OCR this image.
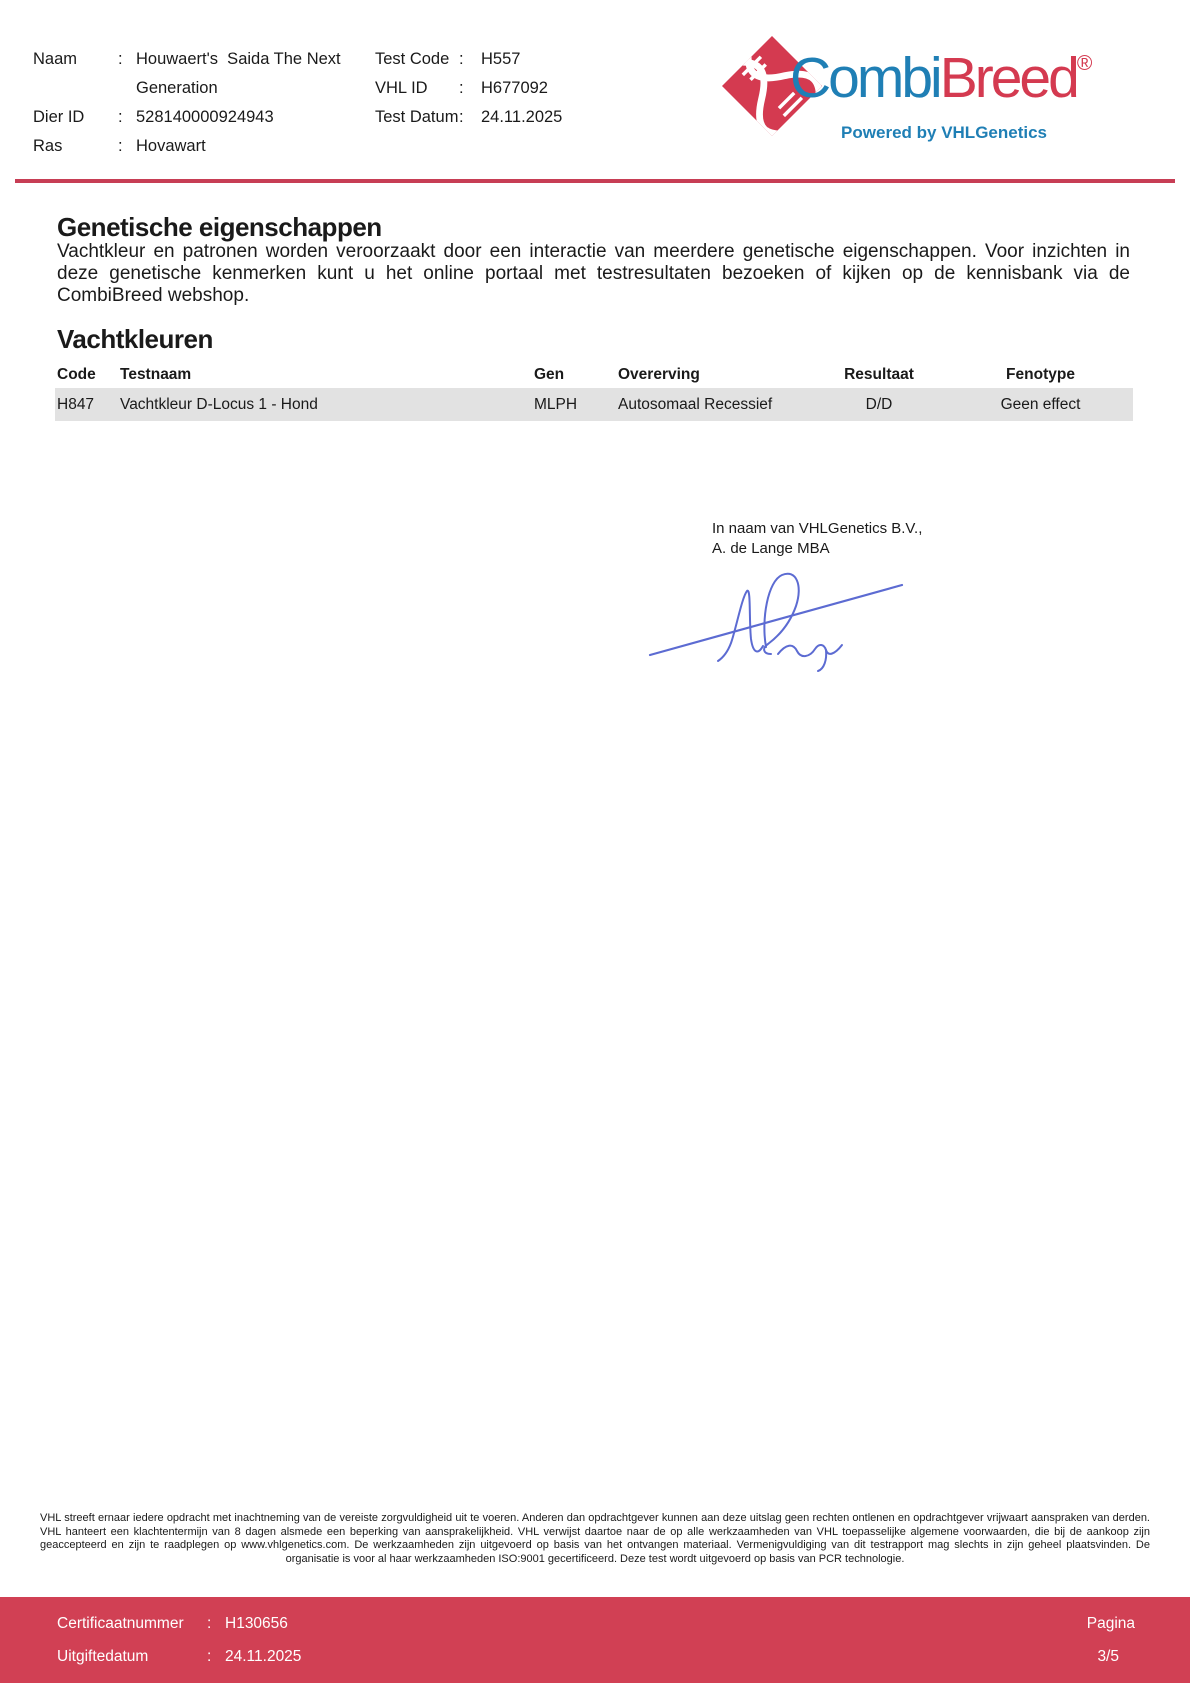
Naam	: Houwaert's  Saida The Next Generation
Dier ID	: 528140000924943
Ras	: Hovawart
Test Code :	H557
VHL ID	:	H677092
Test Datum :	24.11.2025
CombiBreed®
Powered by VHLGenetics
Genetische eigenschappen
Vachtkleur en patronen worden veroorzaakt door een interactie van meerdere genetische eigenschappen. Voor inzichten in deze genetische kenmerken kunt u het online portaal met testresultaten bezoeken of kijken op de kennisbank via de CombiBreed webshop.
Vachtkleuren
Code	Testnaam	Gen	Overerving	Resultaat	Fenotype
H847	Vachtkleur D-Locus 1 - Hond	MLPH	Autosomaal Recessief	D/D	Geen effect
In naam van VHLGenetics B.V.,
A. de Lange MBA
VHL streeft ernaar iedere opdracht met inachtneming van de vereiste zorgvuldigheid uit te voeren. Anderen dan opdrachtgever kunnen aan deze uitslag geen rechten ontlenen en opdrachtgever vrijwaart aanspraken van derden. VHL hanteert een klachtentermijn van 8 dagen alsmede een beperking van aansprakelijkheid. VHL verwijst daartoe naar de op alle werkzaamheden van VHL toepasselijke algemene voorwaarden, die bij de aankoop zijn geaccepteerd en zijn te raadplegen op www.vhlgenetics.com. De werkzaamheden zijn uitgevoerd op basis van het ontvangen materiaal. Vermenigvuldiging van dit testrapport mag slechts in zijn geheel plaatsvinden. De organisatie is voor al haar werkzaamheden ISO:9001 gecertificeerd. Deze test wordt uitgevoerd op basis van PCR technologie.
Certificaatnummer	: H130656
Uitgiftedatum	: 24.11.2025
Pagina
3/5
